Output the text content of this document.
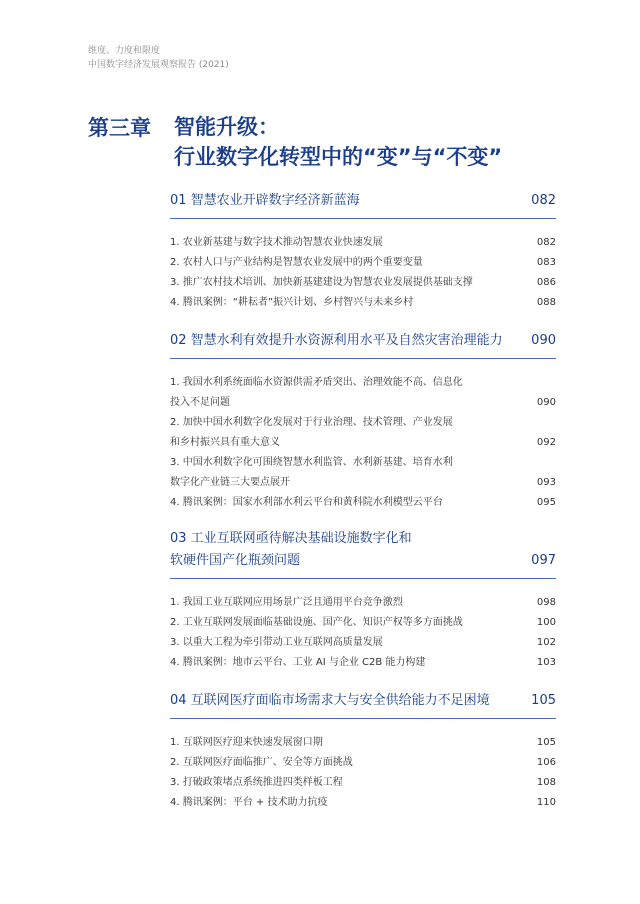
维度、力度和限度
中国数字经济发展观察报告 (2021)
第三章 智能升级：
行业数字化转型中的“变”与“不变”
01 智慧农业开辟数字经济新蓝海	082
1. 农业新基建与数字技术推动智慧农业快速发展	082
2. 农村人口与产业结构是智慧农业发展中的两个重要变量	083
3. 推广农村技术培训、加快新基建建设为智慧农业发展提供基础支撑	086
4. 腾讯案例：“耕耘者”振兴计划、乡村智兴与未来乡村	088
02 智慧水利有效提升水资源利用水平及自然灾害治理能力	090
1. 我国水利系统面临水资源供需矛盾突出、治理效能不高、信息化
投入不足问题	090
2. 加快中国水利数字化发展对于行业治理、技术管理、产业发展
和乡村振兴具有重大意义	092
3. 中国水利数字化可围绕智慧水利监管、水利新基建、培育水利
数字化产业链三大要点展开	093
4. 腾讯案例：国家水利部水利云平台和黄科院水利模型云平台	095
03 工业互联网亟待解决基础设施数字化和
软硬件国产化瓶颈问题	097
1. 我国工业互联网应用场景广泛且通用平台竞争激烈	098
2. 工业互联网发展面临基础设施、国产化、知识产权等多方面挑战	100
3. 以重大工程为牵引带动工业互联网高质量发展	102
4. 腾讯案例：地市云平台、工业 AI 与企业 C2B 能力构建	103
04 互联网医疗面临市场需求大与安全供给能力不足困境	105
1. 互联网医疗迎来快速发展窗口期	105
2. 互联网医疗面临推广、安全等方面挑战	106
3. 打破政策堵点系统推进四类样板工程	108
4. 腾讯案例：平台 + 技术助力抗疫	110
